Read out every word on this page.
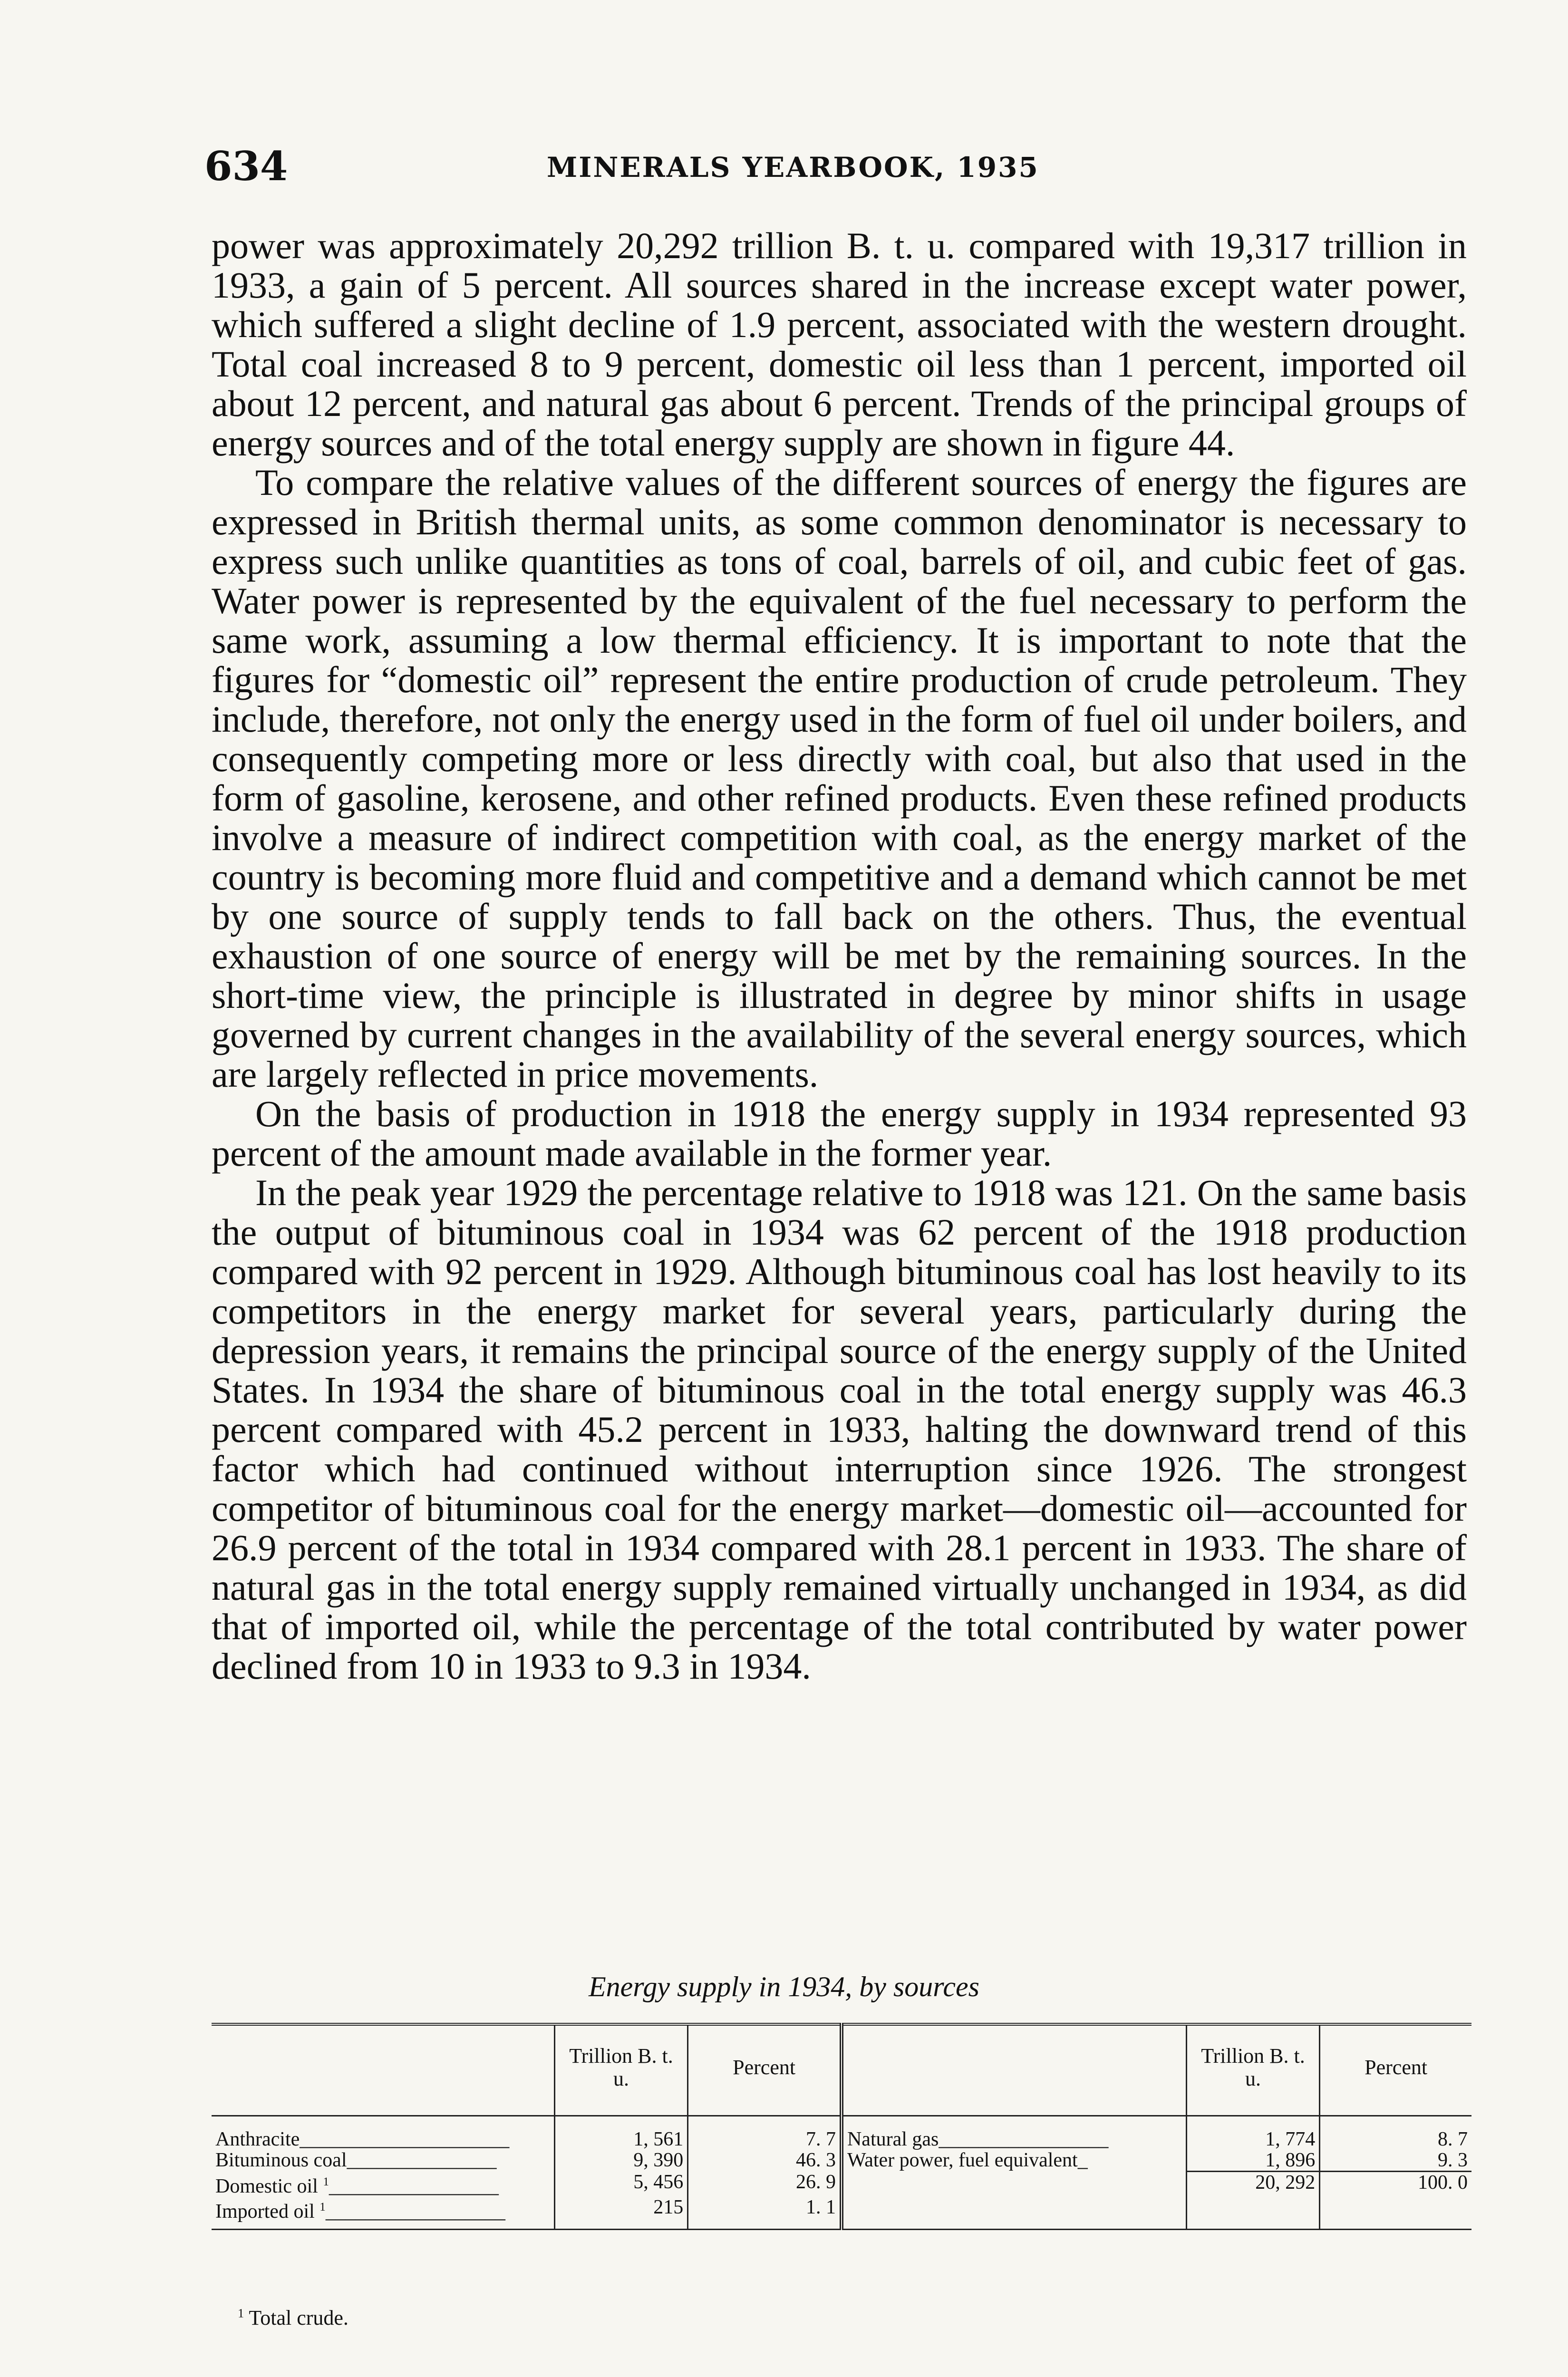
634	MINERALS YEARBOOK, 1935

power was approximately 20,292 trillion B. t. u. compared with 19,317 trillion in 1933, a gain of 5 percent. All sources shared in the increase except water power, which suffered a slight decline of 1.9 percent, associated with the western drought. Total coal increased 8 to 9 percent, domestic oil less than 1 percent, imported oil about 12 percent, and natural gas about 6 percent. Trends of the principal groups of energy sources and of the total energy supply are shown in figure 44.

To compare the relative values of the different sources of energy the figures are expressed in British thermal units, as some common denominator is necessary to express such unlike quantities as tons of coal, barrels of oil, and cubic feet of gas. Water power is represented by the equivalent of the fuel necessary to perform the same work, assuming a low thermal efficiency. It is important to note that the figures for “domestic oil” represent the entire production of crude petroleum. They include, therefore, not only the energy used in the form of fuel oil under boilers, and consequently competing more or less directly with coal, but also that used in the form of gasoline, kerosene, and other refined products. Even these refined products involve a measure of indirect competition with coal, as the energy market of the country is becoming more fluid and competitive and a demand which cannot be met by one source of supply tends to fall back on the others. Thus, the eventual exhaustion of one source of energy will be met by the remaining sources. In the short-time view, the principle is illustrated in degree by minor shifts in usage governed by current changes in the availability of the several energy sources, which are largely reflected in price movements.

On the basis of production in 1918 the energy supply in 1934 represented 93 percent of the amount made available in the former year.

In the peak year 1929 the percentage relative to 1918 was 121. On the same basis the output of bituminous coal in 1934 was 62 percent of the 1918 production compared with 92 percent in 1929. Although bituminous coal has lost heavily to its competitors in the energy market for several years, particularly during the depression years, it remains the principal source of the energy supply of the United States. In 1934 the share of bituminous coal in the total energy supply was 46.3 percent compared with 45.2 percent in 1933, halting the downward trend of this factor which had continued without interruption since 1926. The strongest competitor of bituminous coal for the energy market—domestic oil—accounted for 26.9 percent of the total in 1934 compared with 28.1 percent in 1933. The share of natural gas in the total energy supply remained virtually unchanged in 1934, as did that of imported oil, while the percentage of the total contributed by water power declined from 10 in 1933 to 9.3 in 1934.

Energy supply in 1934, by sources
	Trillion B. t. u.	Percent		Trillion B. t. u.	Percent
Anthracite_____________________	1, 561	7. 7	Natural gas_________________	1, 774	8. 7
Bituminous coal_______________	9, 390	46. 3	Water power, fuel equivalent_	1, 896	9. 3
Domestic oil $^1$_________________	5, 456	26. 9		20, 292	100. 0
Imported oil $^1$__________________	215	1. 1			
$^1$ Total crude.
